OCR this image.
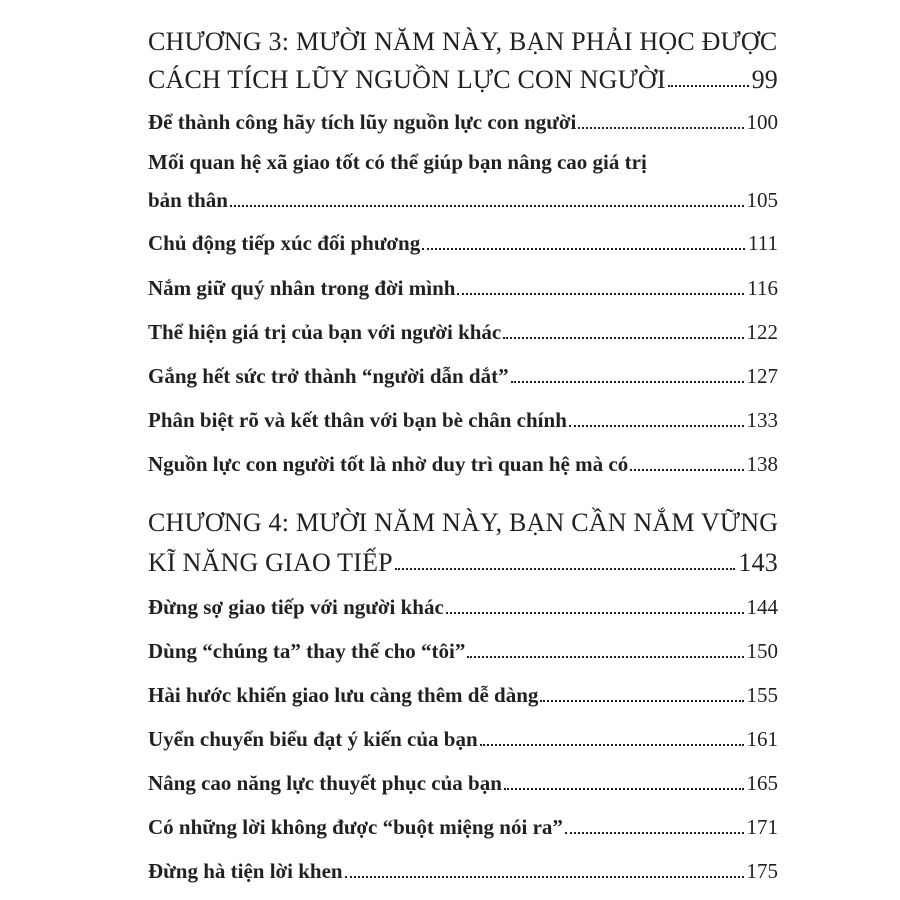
CHƯƠNG 3: MƯỜI NĂM NÀY, BẠN PHẢI HỌC ĐƯỢC
CÁCH TÍCH LŨY NGUỒN LỰC CON NGƯỜI	99
Để thành công hãy tích lũy nguồn lực con người	100
Mối quan hệ xã giao tốt có thể giúp bạn nâng cao giá trị
bản thân	105
Chủ động tiếp xúc đối phương	111
Nắm giữ quý nhân trong đời mình	116
Thể hiện giá trị của bạn với người khác	122
Gắng hết sức trở thành “người dẫn dắt”	127
Phân biệt rõ và kết thân với bạn bè chân chính	133
Nguồn lực con người tốt là nhờ duy trì quan hệ mà có	138
CHƯƠNG 4: MƯỜI NĂM NÀY, BẠN CẦN NẮM VỮNG
KĨ NĂNG GIAO TIẾP	143
Đừng sợ giao tiếp với người khác	144
Dùng “chúng ta” thay thế cho “tôi”	150
Hài hước khiến giao lưu càng thêm dễ dàng	155
Uyển chuyển biểu đạt ý kiến của bạn	161
Nâng cao năng lực thuyết phục của bạn	165
Có những lời không được “buột miệng nói ra”	171
Đừng hà tiện lời khen	175
